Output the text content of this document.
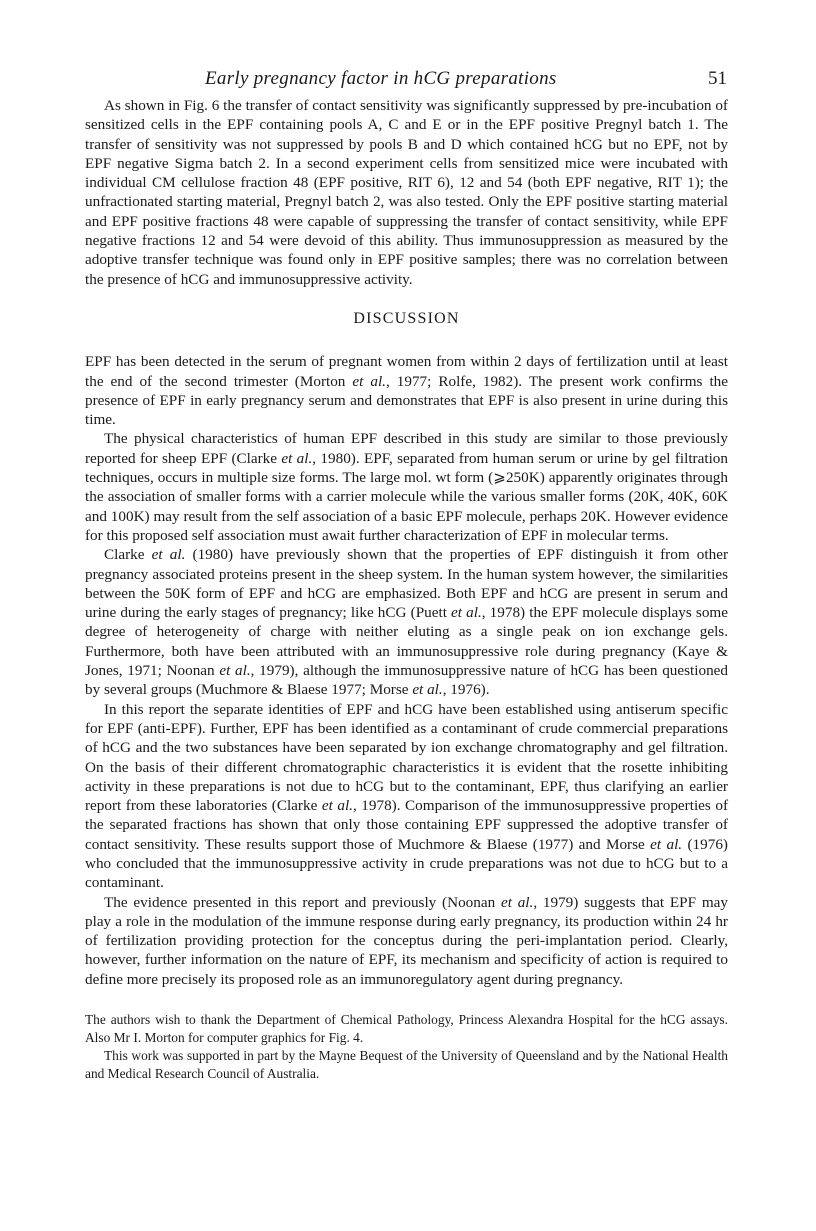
Early pregnancy factor in hCG preparations	51

As shown in Fig. 6 the transfer of contact sensitivity was significantly suppressed by pre-incubation of sensitized cells in the EPF containing pools A, C and E or in the EPF positive Pregnyl batch 1. The transfer of sensitivity was not suppressed by pools B and D which contained hCG but no EPF, not by EPF negative Sigma batch 2. In a second experiment cells from sensitized mice were incubated with individual CM cellulose fraction 48 (EPF positive, RIT 6), 12 and 54 (both EPF negative, RIT 1); the unfractionated starting material, Pregnyl batch 2, was also tested. Only the EPF positive starting material and EPF positive fractions 48 were capable of suppressing the transfer of contact sensitivity, while EPF negative fractions 12 and 54 were devoid of this ability. Thus immunosuppression as measured by the adoptive transfer technique was found only in EPF positive samples; there was no correlation between the presence of hCG and immunosuppressive activity.

DISCUSSION

EPF has been detected in the serum of pregnant women from within 2 days of fertilization until at least the end of the second trimester (Morton et al., 1977; Rolfe, 1982). The present work confirms the presence of EPF in early pregnancy serum and demonstrates that EPF is also present in urine during this time.

The physical characteristics of human EPF described in this study are similar to those previously reported for sheep EPF (Clarke et al., 1980). EPF, separated from human serum or urine by gel filtration techniques, occurs in multiple size forms. The large mol. wt form (⩾250K) apparently originates through the association of smaller forms with a carrier molecule while the various smaller forms (20K, 40K, 60K and 100K) may result from the self association of a basic EPF molecule, perhaps 20K. However evidence for this proposed self association must await further characterization of EPF in molecular terms.

Clarke et al. (1980) have previously shown that the properties of EPF distinguish it from other pregnancy associated proteins present in the sheep system. In the human system however, the similarities between the 50K form of EPF and hCG are emphasized. Both EPF and hCG are present in serum and urine during the early stages of pregnancy; like hCG (Puett et al., 1978) the EPF molecule displays some degree of heterogeneity of charge with neither eluting as a single peak on ion exchange gels. Furthermore, both have been attributed with an immunosuppressive role during pregnancy (Kaye & Jones, 1971; Noonan et al., 1979), although the immunosuppressive nature of hCG has been questioned by several groups (Muchmore & Blaese 1977; Morse et al., 1976).

In this report the separate identities of EPF and hCG have been established using antiserum specific for EPF (anti-EPF). Further, EPF has been identified as a contaminant of crude commercial preparations of hCG and the two substances have been separated by ion exchange chromatography and gel filtration. On the basis of their different chromatographic characteristics it is evident that the rosette inhibiting activity in these preparations is not due to hCG but to the contaminant, EPF, thus clarifying an earlier report from these laboratories (Clarke et al., 1978). Comparison of the immunosuppressive properties of the separated fractions has shown that only those containing EPF suppressed the adoptive transfer of contact sensitivity. These results support those of Muchmore & Blaese (1977) and Morse et al. (1976) who concluded that the immunosuppressive activity in crude preparations was not due to hCG but to a contaminant.

The evidence presented in this report and previously (Noonan et al., 1979) suggests that EPF may play a role in the modulation of the immune response during early pregnancy, its production within 24 hr of fertilization providing protection for the conceptus during the peri-implantation period. Clearly, however, further information on the nature of EPF, its mechanism and specificity of action is required to define more precisely its proposed role as an immunoregulatory agent during pregnancy.

The authors wish to thank the Department of Chemical Pathology, Princess Alexandra Hospital for the hCG assays. Also Mr I. Morton for computer graphics for Fig. 4.

This work was supported in part by the Mayne Bequest of the University of Queensland and by the National Health and Medical Research Council of Australia.
